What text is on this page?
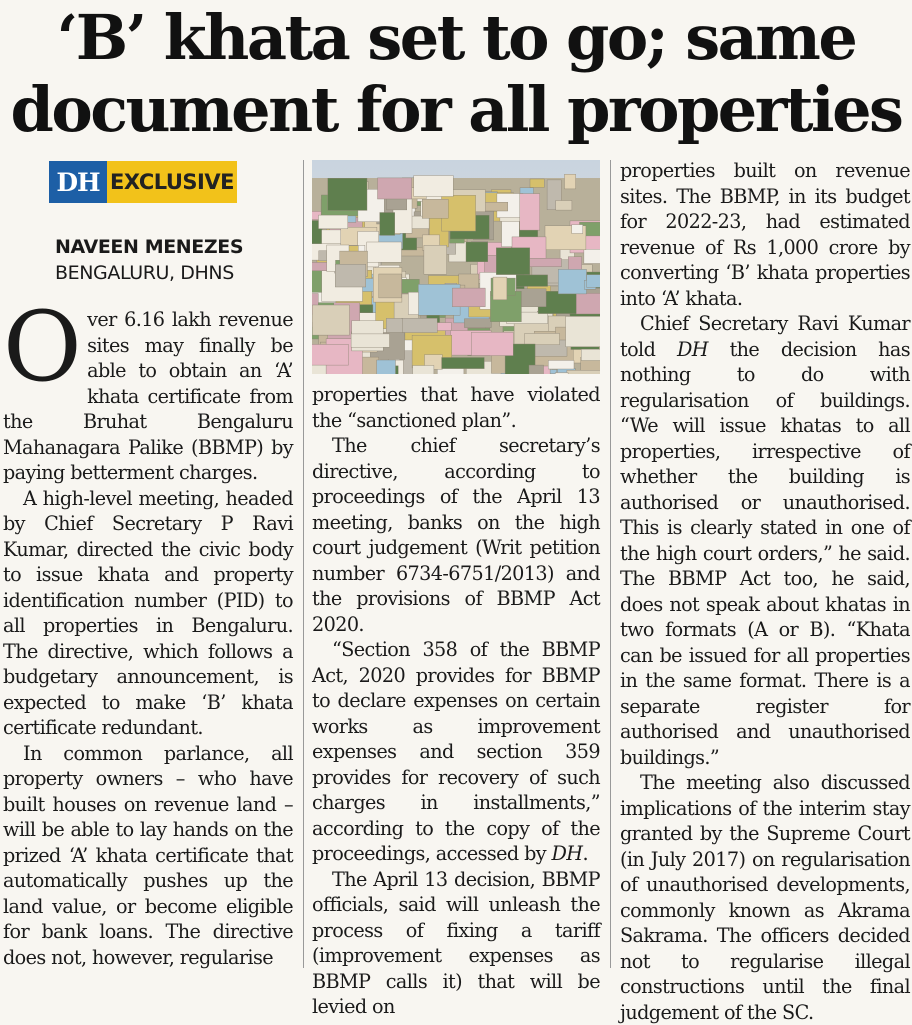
‘B’ khata set to go; same
document for all properties
DH EXCLUSIVE
NAVEEN MENEZES
BENGALURU, DHNS

Over 6.16 lakh revenue sites may finally be able to obtain an ‘A’ khata certificate from the Bruhat Bengaluru Mahanagara Palike (BBMP) by paying betterment charges.

A high-level meeting, headed by Chief Secretary P Ravi Kumar, directed the civic body to issue khata and property identification number (PID) to all properties in Bengaluru. The directive, which follows a budgetary announcement, is expected to make ‘B’ khata certificate redundant.

In common parlance, all property owners – who have built houses on revenue land – will be able to lay hands on the prized ‘A’ khata certificate that automatically pushes up the land value, or become eligible for bank loans. The directive does not, however, regularise

properties that have violated the “sanctioned plan”.

The chief secretary’s directive, according to proceedings of the April 13 meeting, banks on the high court judgement (Writ petition number 6734-6751/2013) and the provisions of BBMP Act 2020.

“Section 358 of the BBMP Act, 2020 provides for BBMP to declare expenses on certain works as improvement expenses and section 359 provides for recovery of such charges in installments,” according to the copy of the proceedings, accessed by DH.

The April 13 decision, BBMP officials, said will unleash the process of fixing a tariff (improvement expenses as BBMP calls it) that will be levied on

properties built on revenue sites. The BBMP, in its budget for 2022-23, had estimated revenue of Rs 1,000 crore by converting ‘B’ khata properties into ‘A’ khata.

Chief Secretary Ravi Kumar told DH the decision has nothing to do with regularisation of buildings. “We will issue khatas to all properties, irrespective of whether the building is authorised or unauthorised. This is clearly stated in one of the high court orders,” he said. The BBMP Act too, he said, does not speak about khatas in two formats (A or B). “Khata can be issued for all properties in the same format. There is a separate register for authorised and unauthorised buildings.”

The meeting also discussed implications of the interim stay granted by the Supreme Court (in July 2017) on regularisation of unauthorised developments, commonly known as Akrama Sakrama. The officers decided not to regularise illegal constructions until the final judgement of the SC.
